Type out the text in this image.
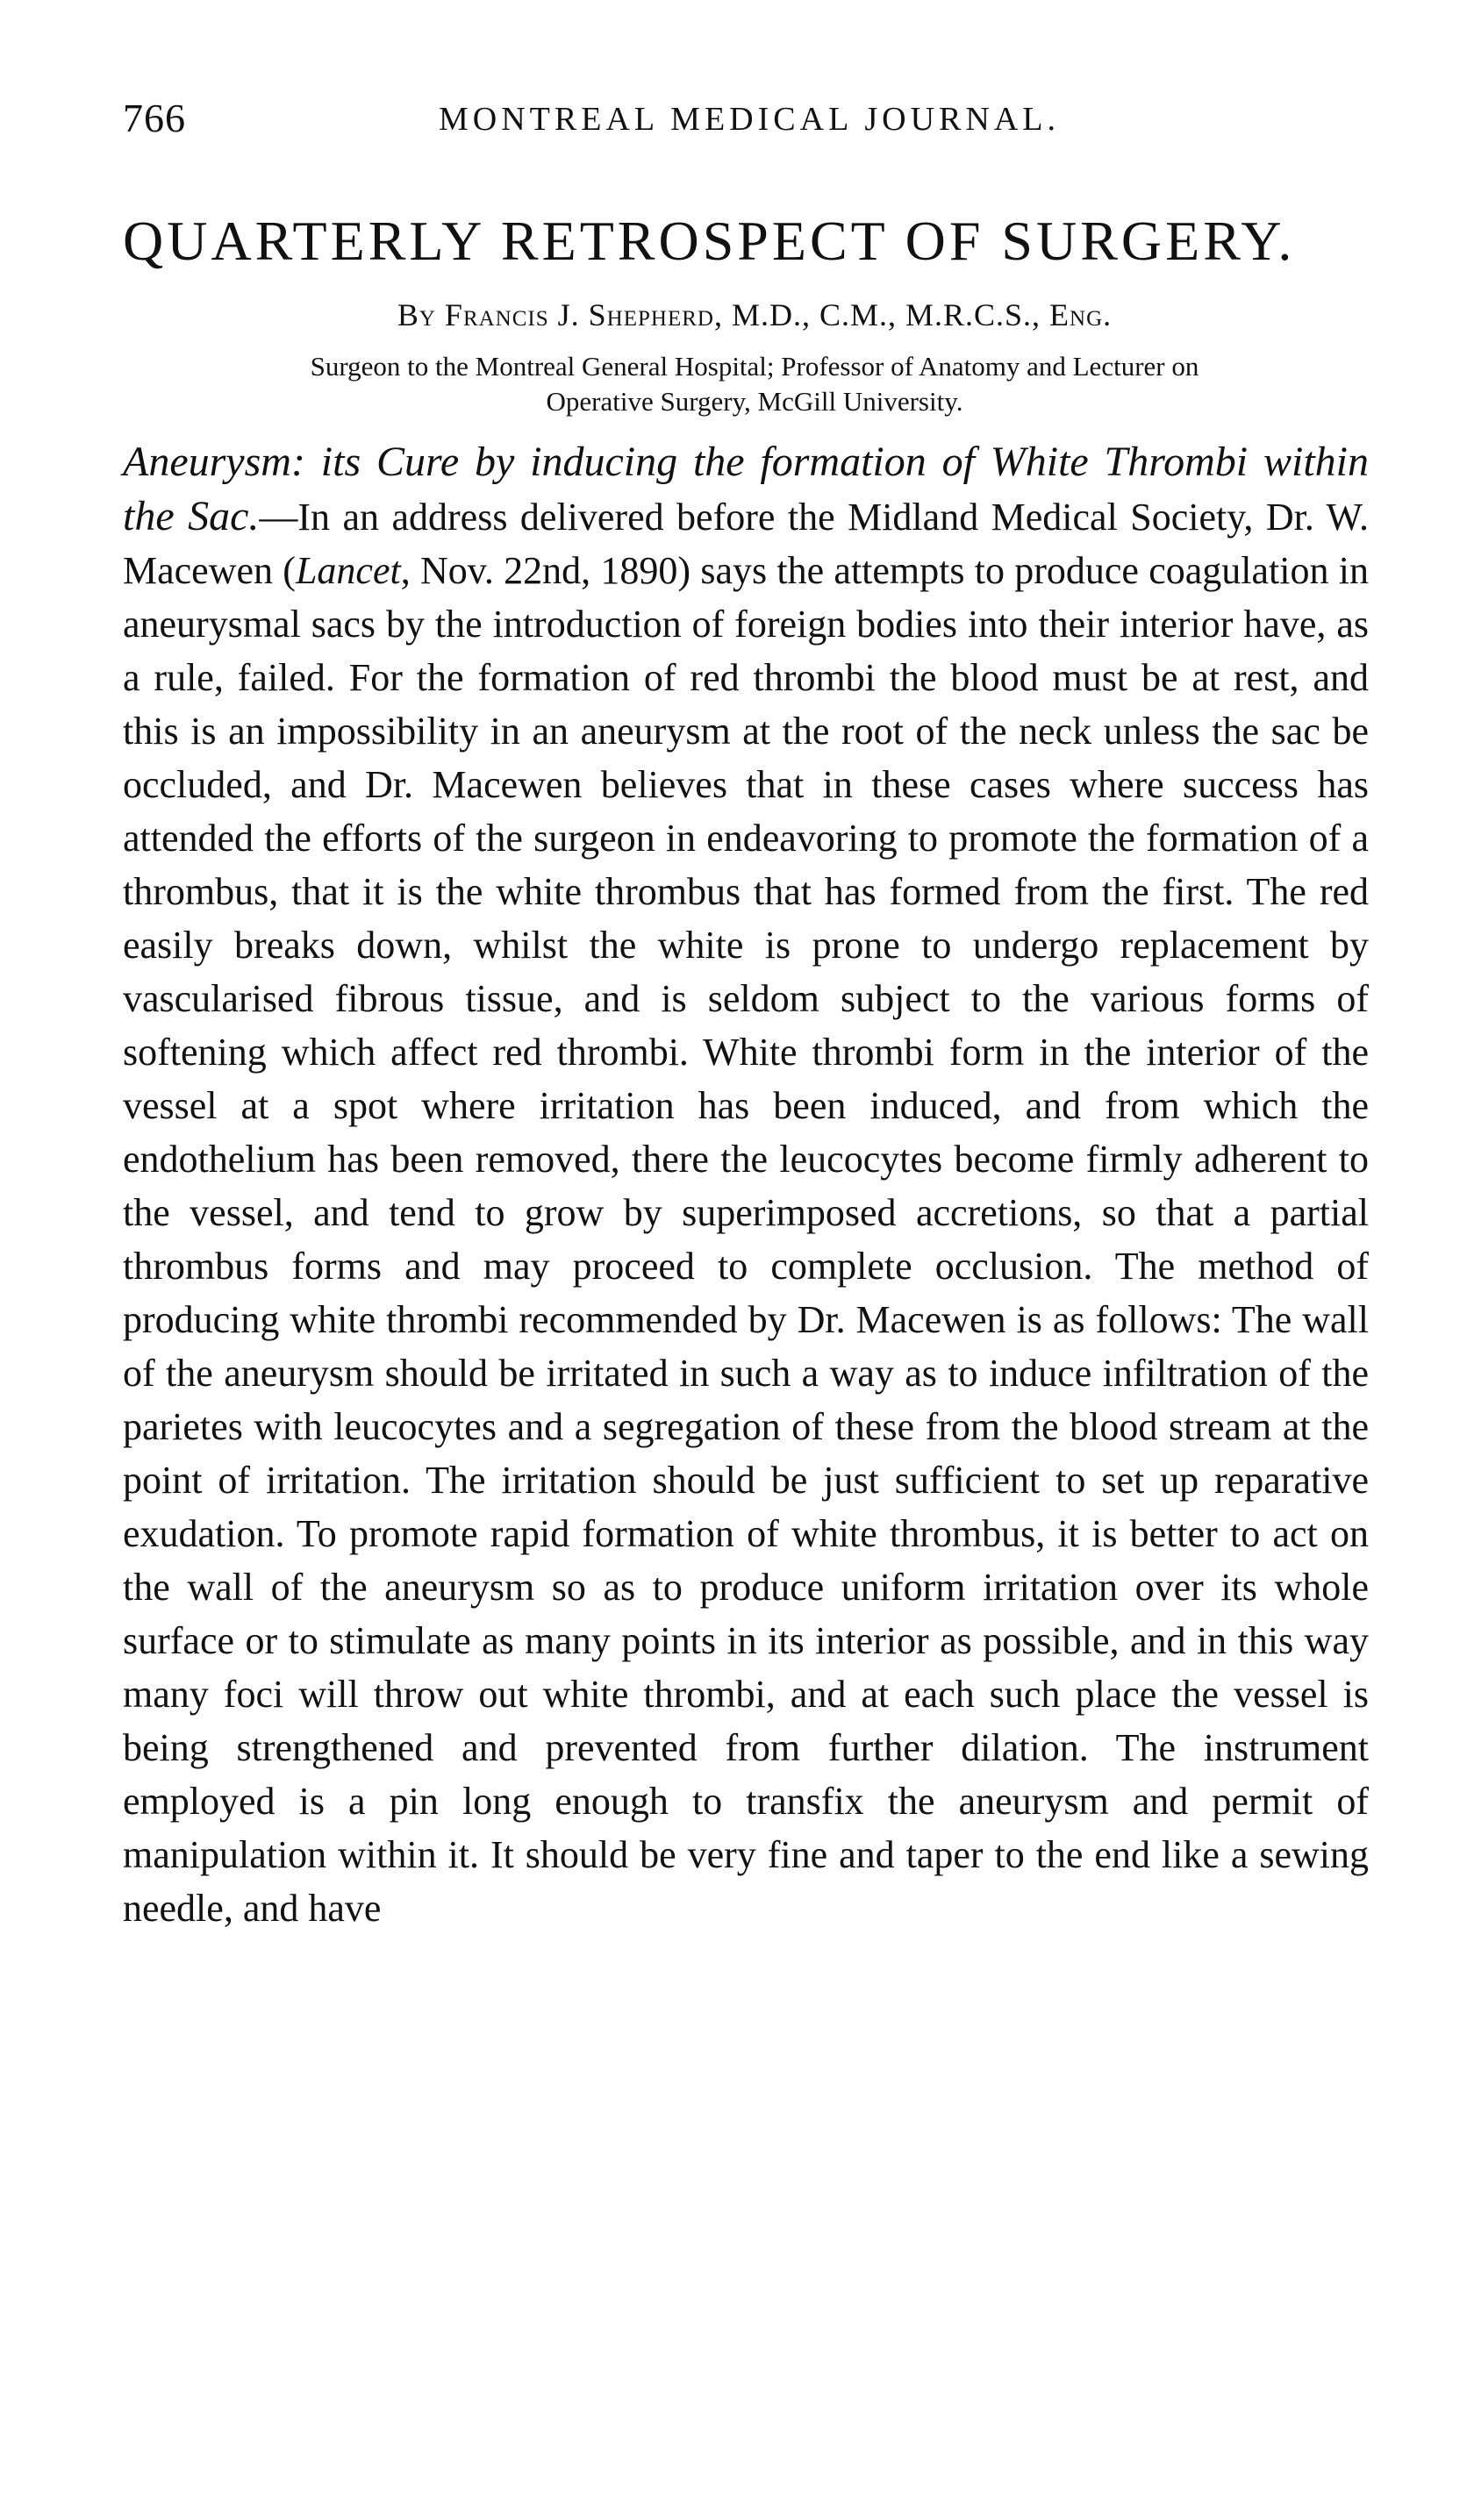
766	MONTREAL MEDICAL JOURNAL.
QUARTERLY RETROSPECT OF SURGERY.
By Francis J. Shepherd, M.D., C.M., M.R.C.S., Eng.
Surgeon to the Montreal General Hospital; Professor of Anatomy and Lecturer on
Operative Surgery, McGill University.
Aneurysm: its Cure by inducing the formation of White Thrombi within the Sac.—In an address delivered before the Midland Medical Society, Dr. W. Macewen (Lancet, Nov. 22nd, 1890) says the attempts to produce coagulation in aneurysmal sacs by the introduction of foreign bodies into their interior have, as a rule, failed. For the formation of red thrombi the blood must be at rest, and this is an impossibility in an aneurysm at the root of the neck unless the sac be occluded, and Dr. Macewen believes that in these cases where success has attended the efforts of the surgeon in endeavoring to promote the formation of a thrombus, that it is the white thrombus that has formed from the first. The red easily breaks down, whilst the white is prone to undergo replacement by vascularised fibrous tissue, and is seldom subject to the various forms of softening which affect red thrombi. White thrombi form in the interior of the vessel at a spot where irritation has been induced, and from which the endothelium has been removed, there the leucocytes become firmly adherent to the vessel, and tend to grow by superimposed accretions, so that a partial thrombus forms and may proceed to complete occlusion. The method of producing white thrombi recommended by Dr. Macewen is as follows: The wall of the aneurysm should be irritated in such a way as to induce infiltration of the parietes with leucocytes and a segregation of these from the blood stream at the point of irritation. The irritation should be just sufficient to set up reparative exudation. To promote rapid formation of white thrombus, it is better to act on the wall of the aneurysm so as to produce uniform irritation over its whole surface or to stimulate as many points in its interior as possible, and in this way many foci will throw out white thrombi, and at each such place the vessel is being strengthened and prevented from further dilation. The instrument employed is a pin long enough to transfix the aneurysm and permit of manipulation within it. It should be very fine and taper to the end like a sewing needle, and have
